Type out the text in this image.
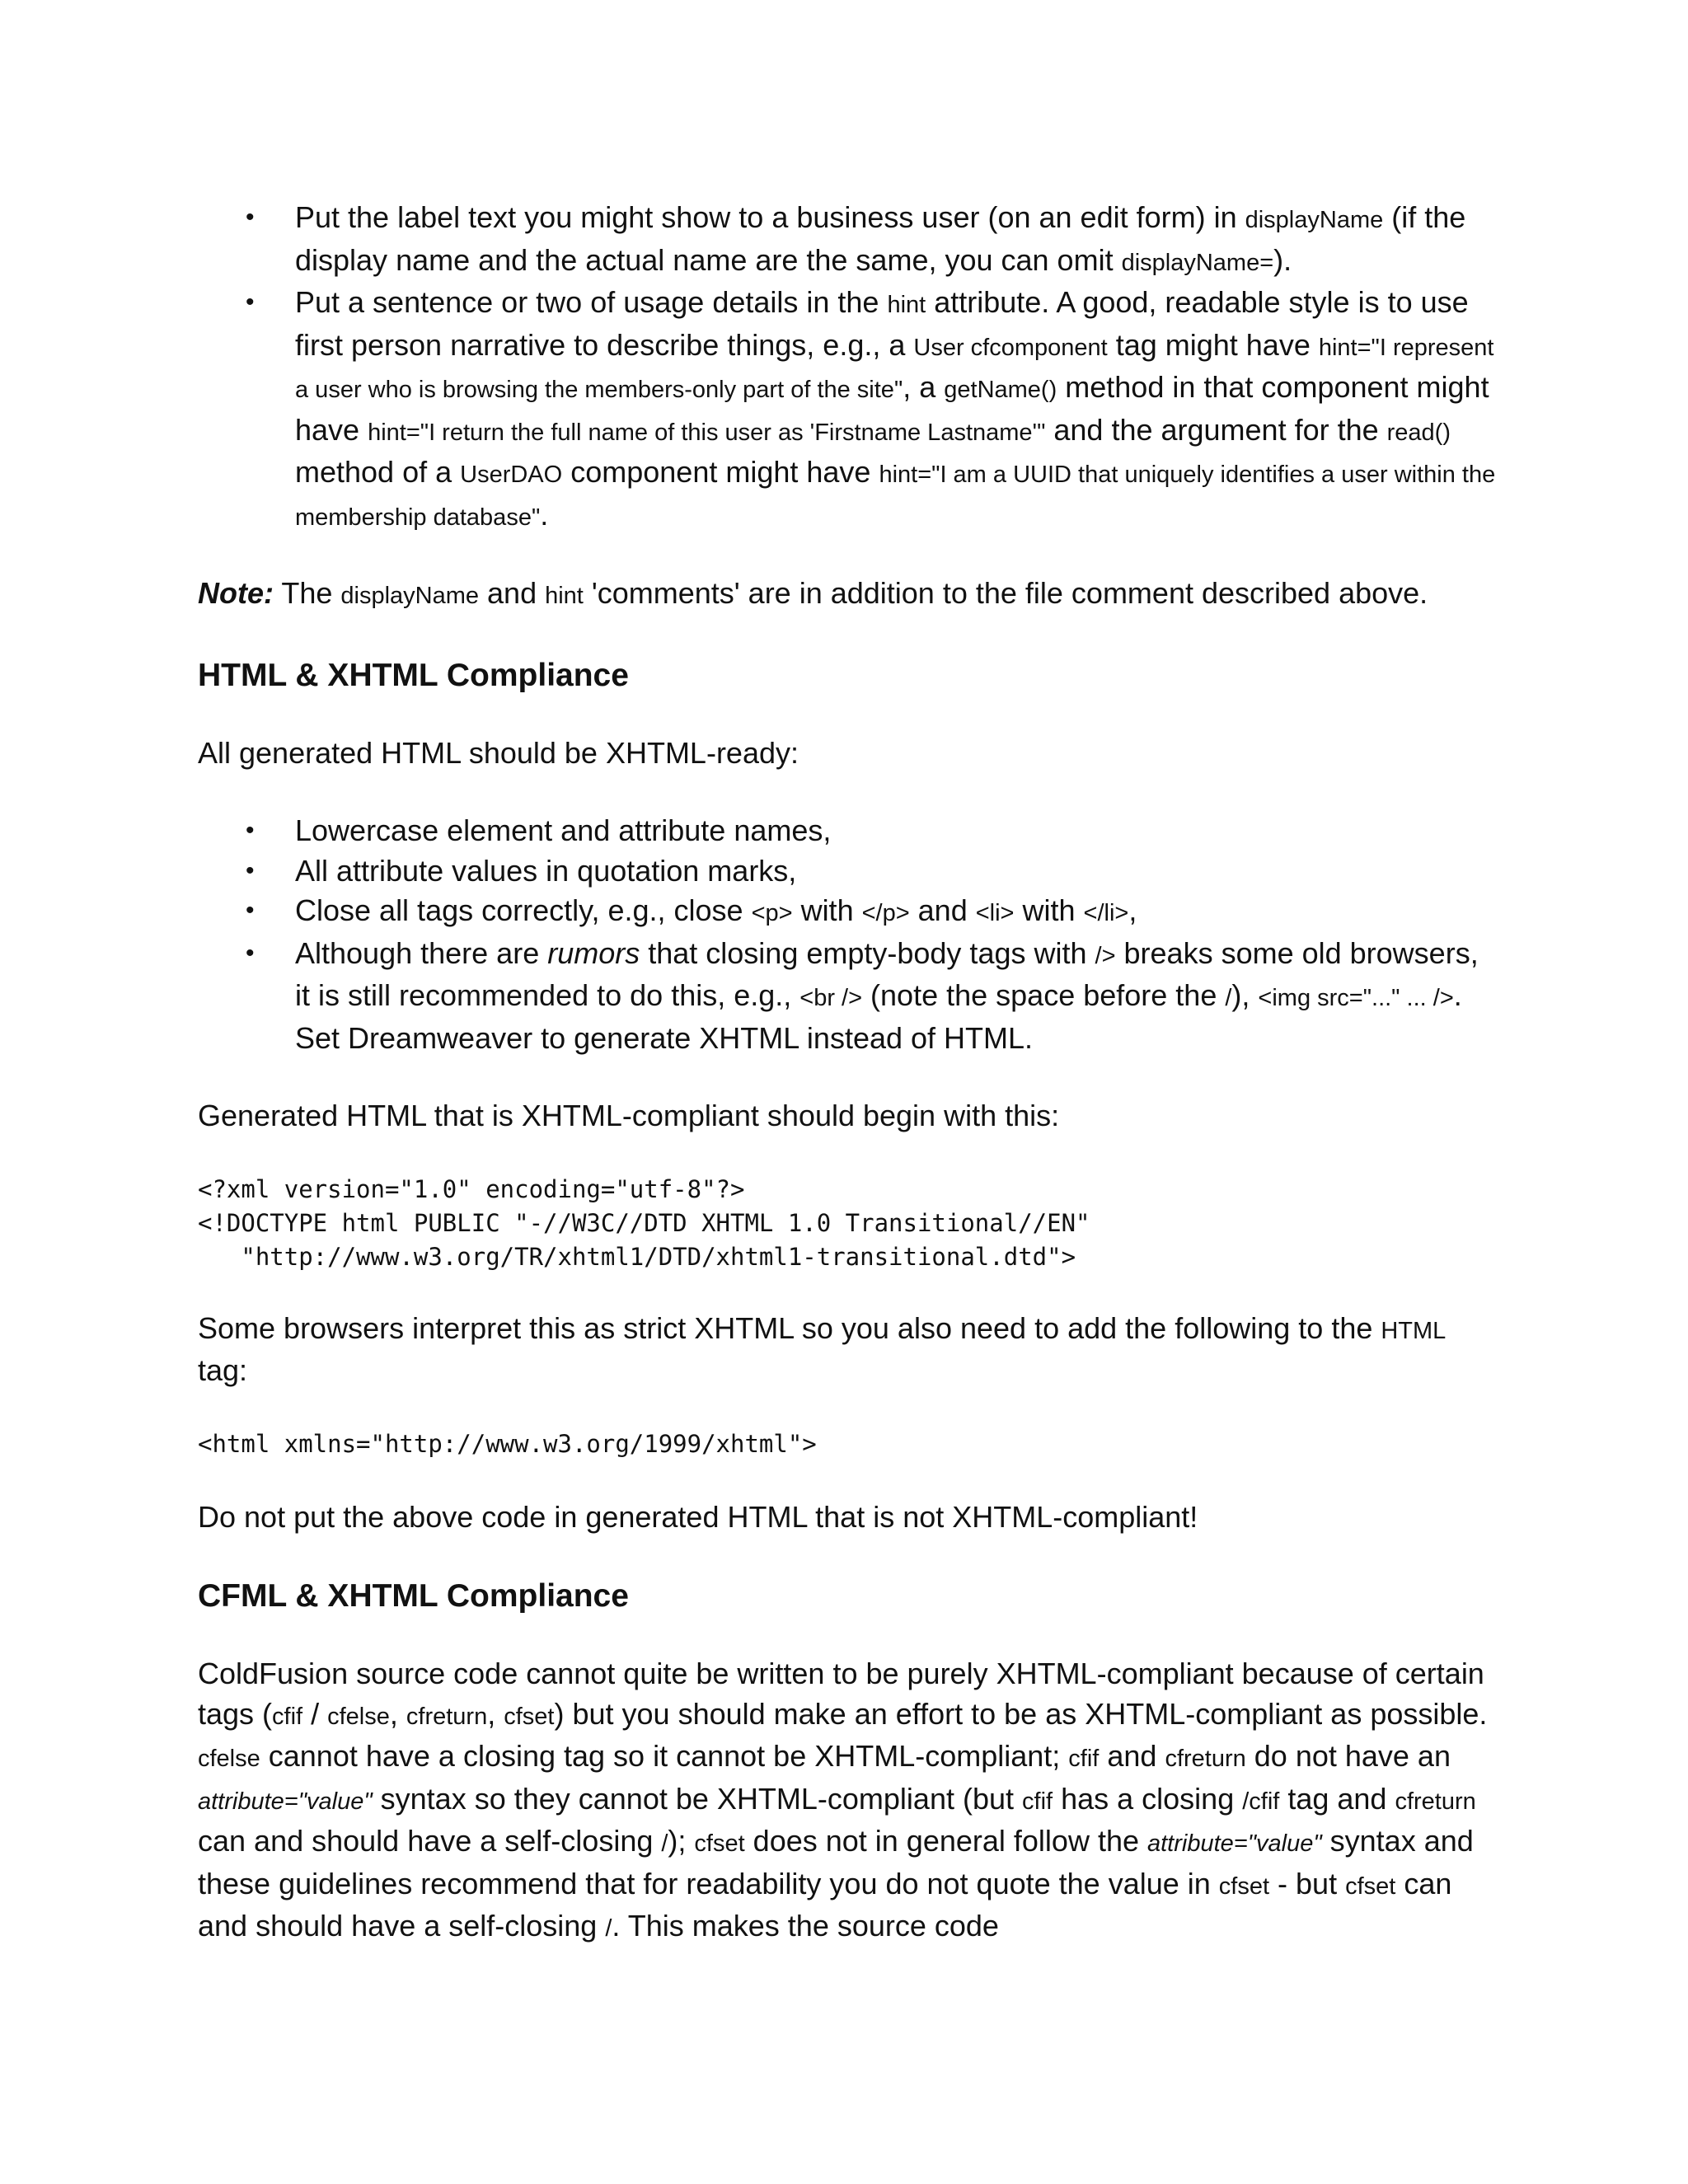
• Put the label text you might show to a business user (on an edit form) in displayName (if the display name and the actual name are the same, you can omit displayName=).
• Put a sentence or two of usage details in the hint attribute. A good, readable style is to use first person narrative to describe things, e.g., a User cfcomponent tag might have hint="I represent a user who is browsing the members-only part of the site", a getName() method in that component might have hint="I return the full name of this user as 'Firstname Lastname'" and the argument for the read() method of a UserDAO component might have hint="I am a UUID that uniquely identifies a user within the membership database".

Note: The displayName and hint 'comments' are in addition to the file comment described above.

HTML & XHTML Compliance

All generated HTML should be XHTML-ready:

• Lowercase element and attribute names,
• All attribute values in quotation marks,
• Close all tags correctly, e.g., close <p> with </p> and <li> with </li>,
• Although there are rumors that closing empty-body tags with /> breaks some old browsers, it is still recommended to do this, e.g., <br /> (note the space before the /), <img src="..." ... />. Set Dreamweaver to generate XHTML instead of HTML.

Generated HTML that is XHTML-compliant should begin with this:

<?xml version="1.0" encoding="utf-8"?>
<!DOCTYPE html PUBLIC "-//W3C//DTD XHTML 1.0 Transitional//EN"
"http://www.w3.org/TR/xhtml1/DTD/xhtml1-transitional.dtd">

Some browsers interpret this as strict XHTML so you also need to add the following to the HTML tag:

<html xmlns="http://www.w3.org/1999/xhtml">

Do not put the above code in generated HTML that is not XHTML-compliant!

CFML & XHTML Compliance

ColdFusion source code cannot quite be written to be purely XHTML-compliant because of certain tags (cfif / cfelse, cfreturn, cfset) but you should make an effort to be as XHTML-compliant as possible. cfelse cannot have a closing tag so it cannot be XHTML-compliant; cfif and cfreturn do not have an attribute="value" syntax so they cannot be XHTML-compliant (but cfif has a closing /cfif tag and cfreturn can and should have a self-closing /); cfset does not in general follow the attribute="value" syntax and these guidelines recommend that for readability you do not quote the value in cfset - but cfset can and should have a self-closing /. This makes the source code
